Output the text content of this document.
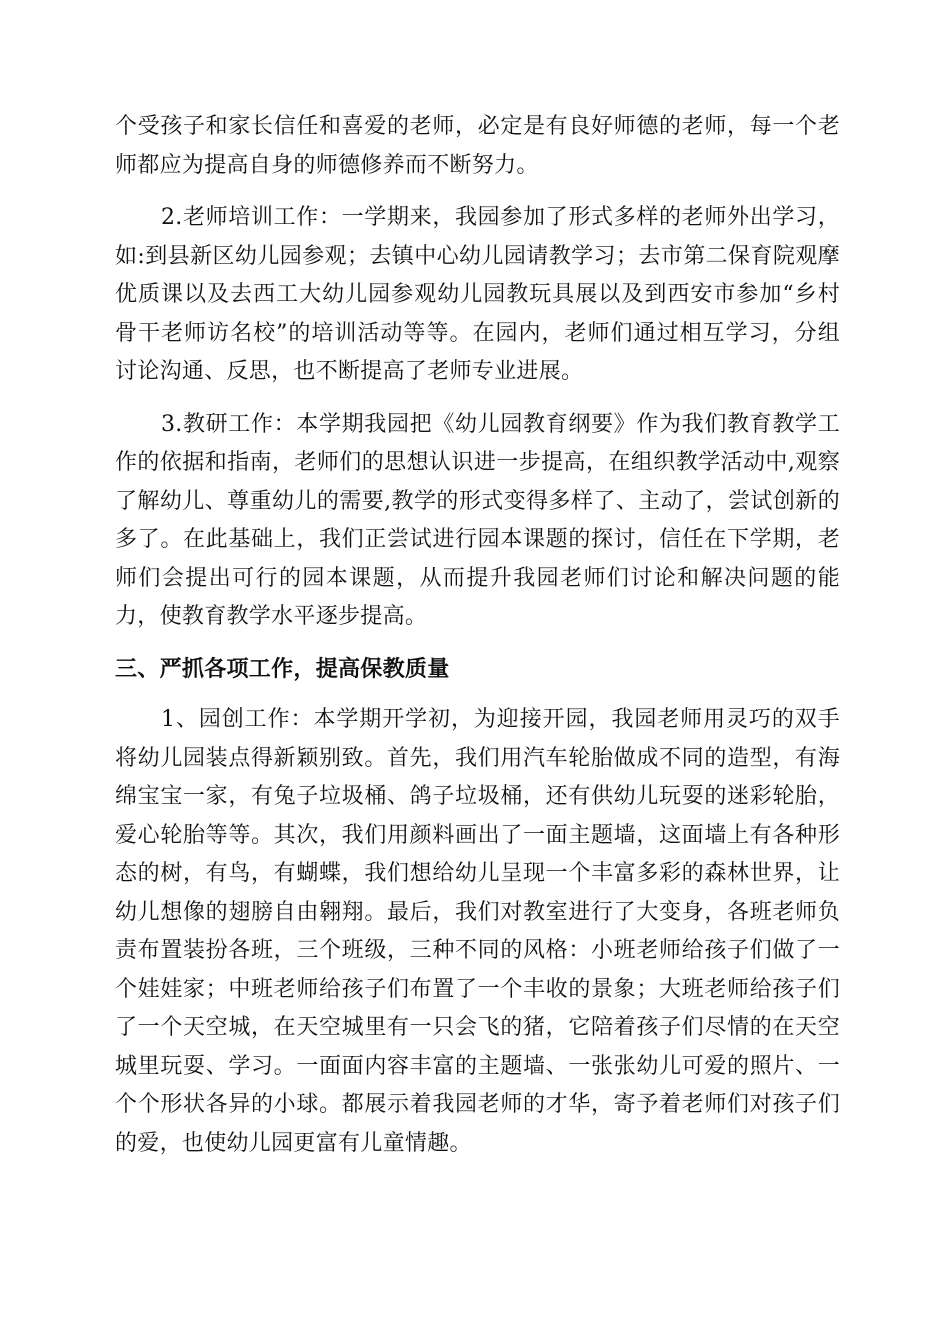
个受孩子和家长信任和喜爱的老师，必定是有良好师德的老师，每一个老师都应为提高自身的师德修养而不断努力。

2.老师培训工作：一学期来，我园参加了形式多样的老师外出学习，如:到县新区幼儿园参观；去镇中心幼儿园请教学习；去市第二保育院观摩优质课以及去西工大幼儿园参观幼儿园教玩具展以及到西安市参加“乡村骨干老师访名校”的培训活动等等。在园内，老师们通过相互学习，分组讨论沟通、反思，也不断提高了老师专业进展。

3.教研工作：本学期我园把《幼儿园教育纲要》作为我们教育教学工作的依据和指南，老师们的思想认识进一步提高，在组织教学活动中,观察了解幼儿、尊重幼儿的需要,教学的形式变得多样了、主动了，尝试创新的多了。在此基础上，我们正尝试进行园本课题的探讨，信任在下学期，老师们会提出可行的园本课题，从而提升我园老师们讨论和解决问题的能力，使教育教学水平逐步提高。

三、严抓各项工作，提高保教质量

1、园创工作：本学期开学初，为迎接开园，我园老师用灵巧的双手将幼儿园装点得新颖别致。首先，我们用汽车轮胎做成不同的造型，有海绵宝宝一家，有兔子垃圾桶、鸽子垃圾桶，还有供幼儿玩耍的迷彩轮胎，爱心轮胎等等。其次，我们用颜料画出了一面主题墙，这面墙上有各种形态的树，有鸟，有蝴蝶，我们想给幼儿呈现一个丰富多彩的森林世界，让幼儿想像的翅膀自由翱翔。最后，我们对教室进行了大变身，各班老师负责布置装扮各班，三个班级，三种不同的风格：小班老师给孩子们做了一个娃娃家；中班老师给孩子们布置了一个丰收的景象；大班老师给孩子们了一个天空城，在天空城里有一只会飞的猪，它陪着孩子们尽情的在天空城里玩耍、学习。一面面内容丰富的主题墙、一张张幼儿可爱的照片、一个个形状各异的小球。都展示着我园老师的才华，寄予着老师们对孩子们的爱，也使幼儿园更富有儿童情趣。
